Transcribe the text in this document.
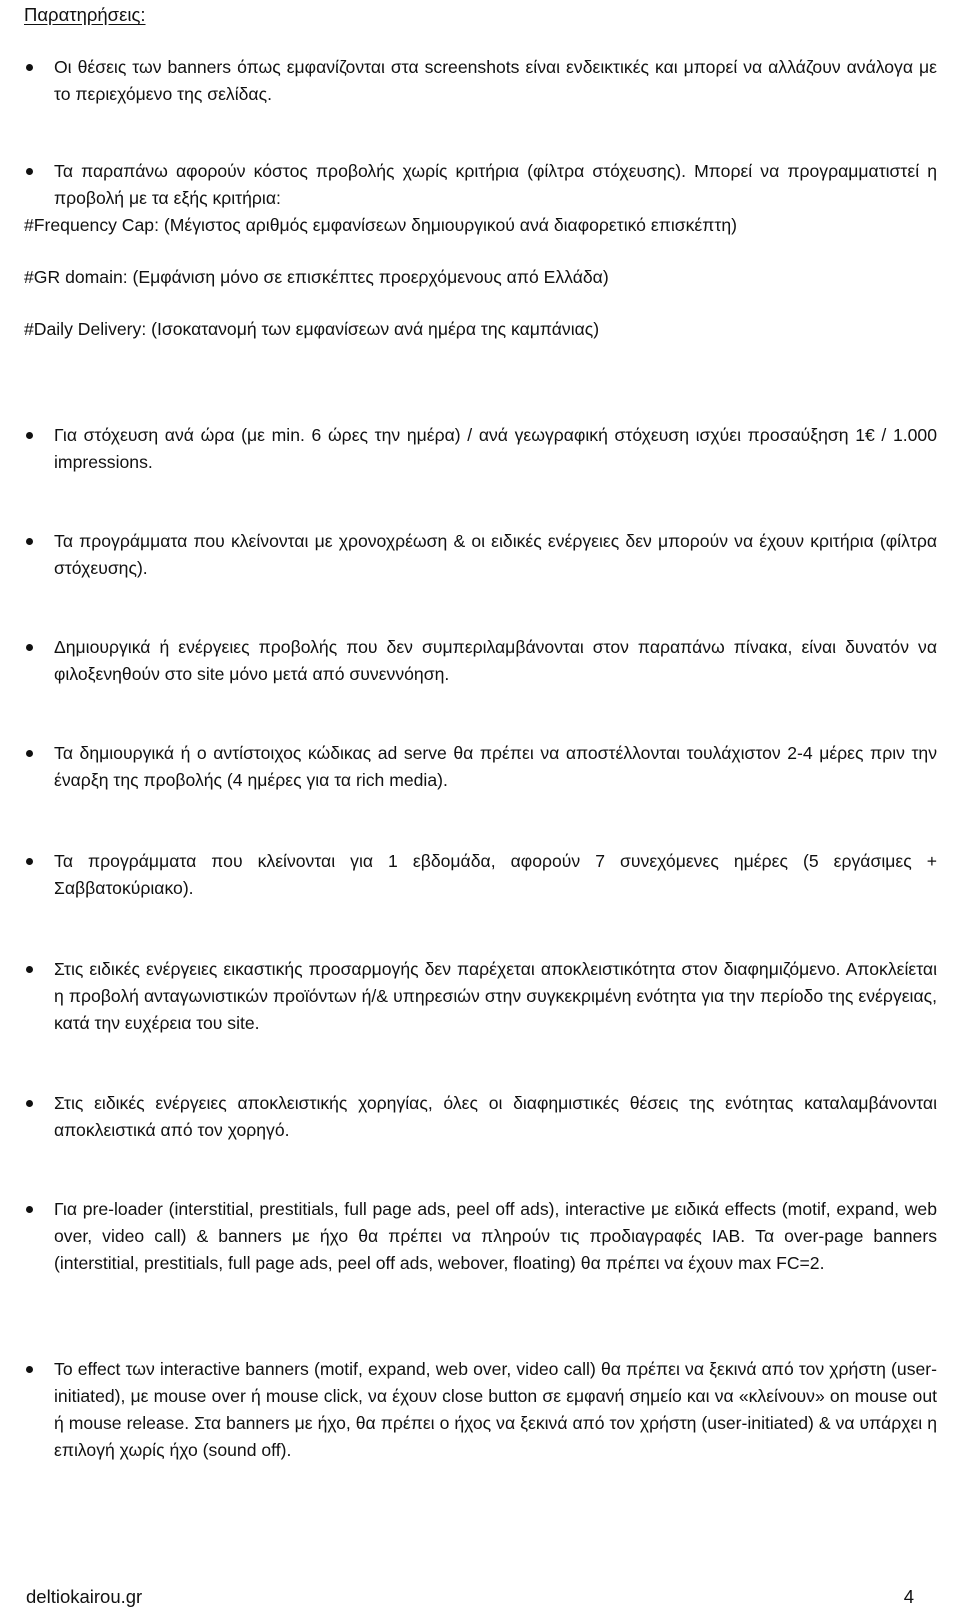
Παρατηρήσεις:

Οι θέσεις των banners όπως εμφανίζονται στα screenshots είναι ενδεικτικές και μπορεί να αλλάζουν ανάλογα με το περιεχόμενο της σελίδας.

Τα παραπάνω αφορούν κόστος προβολής χωρίς κριτήρια (φίλτρα στόχευσης). Μπορεί να προγραμματιστεί η προβολή με τα εξής κριτήρια:

#Frequency Cap: (Μέγιστος αριθμός εμφανίσεων δημιουργικού ανά διαφορετικό επισκέπτη)
#GR domain: (Εμφάνιση μόνο σε επισκέπτες προερχόμενους από Ελλάδα)
#Daily Delivery: (Ισοκατανομή των εμφανίσεων ανά ημέρα της καμπάνιας)

Για στόχευση ανά ώρα (με min. 6 ώρες την ημέρα) / ανά γεωγραφική στόχευση ισχύει προσαύξηση 1€ / 1.000 impressions.

Τα προγράμματα που κλείνονται με χρονοχρέωση & οι ειδικές ενέργειες δεν μπορούν να έχουν κριτήρια (φίλτρα στόχευσης).

Δημιουργικά ή ενέργειες προβολής που δεν συμπεριλαμβάνονται στον παραπάνω πίνακα, είναι δυνατόν να φιλοξενηθούν στο site μόνο μετά από συνεννόηση.

Τα δημιουργικά ή ο αντίστοιχος κώδικας ad serve θα πρέπει να αποστέλλονται τουλάχιστον 2-4 μέρες πριν την έναρξη της προβολής (4 ημέρες για τα rich media).

Τα προγράμματα που κλείνονται για 1 εβδομάδα, αφορούν 7 συνεχόμενες ημέρες (5 εργάσιμες + Σαββατοκύριακο).

Στις ειδικές ενέργειες εικαστικής προσαρμογής δεν παρέχεται αποκλειστικότητα στον διαφημιζόμενο. Αποκλείεται η προβολή ανταγωνιστικών προϊόντων ή/& υπηρεσιών στην συγκεκριμένη ενότητα για την περίοδο της ενέργειας, κατά την ευχέρεια του site.

Στις ειδικές ενέργειες αποκλειστικής χορηγίας, όλες οι διαφημιστικές θέσεις της ενότητας καταλαμβάνονται αποκλειστικά από τον χορηγό.

Για pre-loader (interstitial, prestitials, full page ads, peel off ads), interactive με ειδικά effects (motif, expand, web over, video call) & banners με ήχο θα πρέπει να πληρούν τις προδιαγραφές IAB. Τα over-page banners (interstitial, prestitials, full page ads, peel off ads, webover, floating) θα πρέπει να έχουν max FC=2.

Το effect των interactive banners (motif, expand, web over, video call) θα πρέπει να ξεκινά από τον χρήστη (user-initiated), με mouse over ή mouse click, να έχουν close button σε εμφανή σημείο και να «κλείνουν» on mouse out ή mouse release. Στα banners με ήχο, θα πρέπει ο ήχος να ξεκινά από τον χρήστη (user-initiated) & να υπάρχει η επιλογή χωρίς ήχο (sound off).

deltiokairou.gr	4
